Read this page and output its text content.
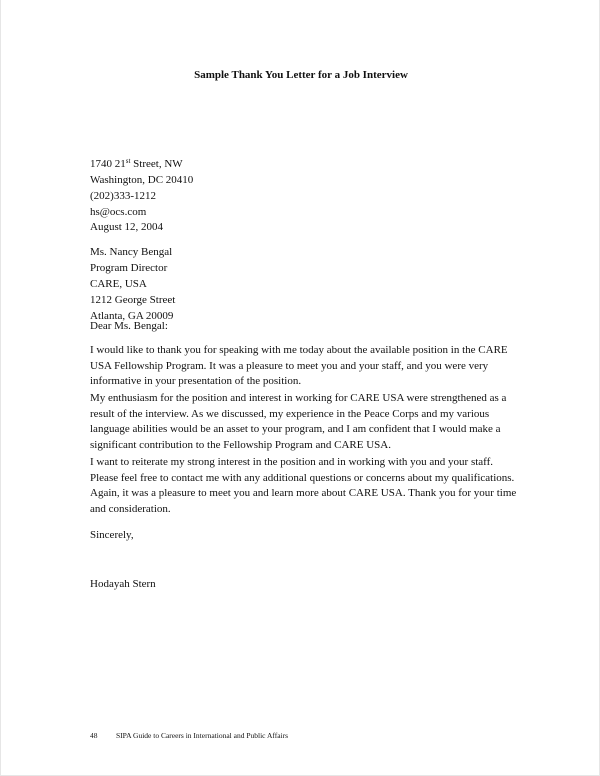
Sample Thank You Letter for a Job Interview
1740 21st Street, NW
Washington, DC 20410
(202)333-1212
hs@ocs.com
August 12, 2004
Ms. Nancy Bengal
Program Director
CARE, USA
1212 George Street
Atlanta, GA 20009
Dear Ms. Bengal:
I would like to thank you for speaking with me today about the available position in the CARE
USA Fellowship Program. It was a pleasure to meet you and your staff, and you were very
informative in your presentation of the position.
My enthusiasm for the position and interest in working for CARE USA were strengthened as a
result of the interview. As we discussed, my experience in the Peace Corps and my various
language abilities would be an asset to your program, and I am confident that I would make a
significant contribution to the Fellowship Program and CARE USA.
I want to reiterate my strong interest in the position and in working with you and your staff.
Please feel free to contact me with any additional questions or concerns about my qualifications.
Again, it was a pleasure to meet you and learn more about CARE USA. Thank you for your time
and consideration.
Sincerely,
Hodayah Stern
48 SIPA Guide to Careers in International and Public Affairs
